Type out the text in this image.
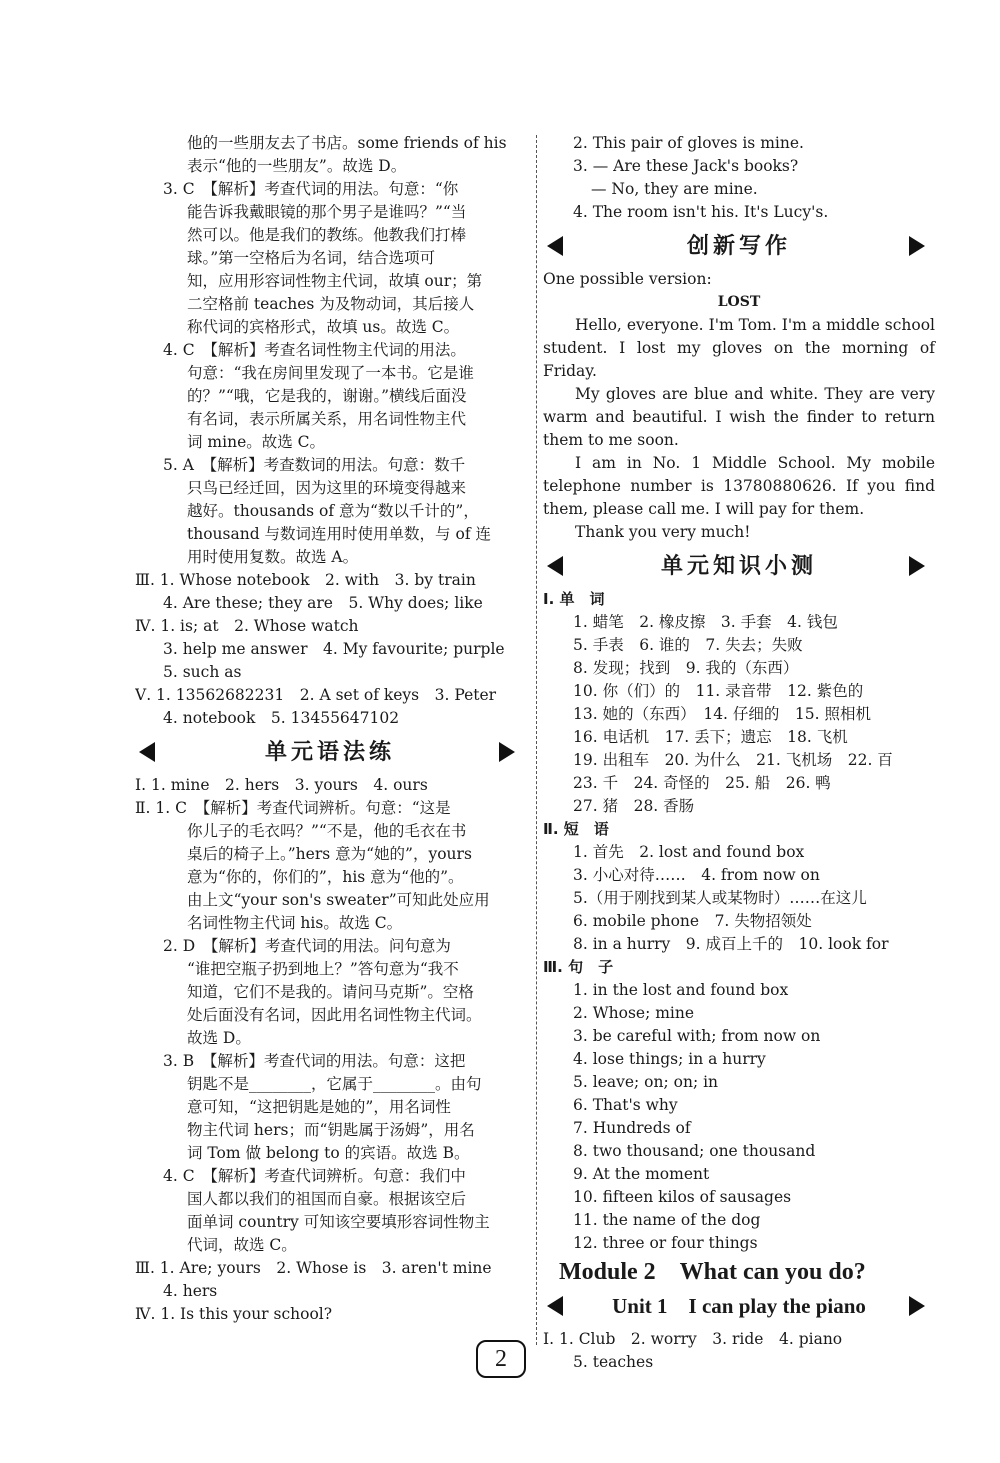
他的一些朋友去了书店。some friends of his
表示“他的一些朋友”。故选 D。
3. C　【解析】考查代词的用法。句意：“你
能告诉我戴眼镜的那个男子是谁吗？”“当
然可以。他是我们的教练。他教我们打棒
球。”第一空格后为名词，结合选项可
知，应用形容词性物主代词，故填 our；第
二空格前 teaches 为及物动词，其后接人
称代词的宾格形式，故填 us。故选 C。
4. C　【解析】考查名词性物主代词的用法。
句意：“我在房间里发现了一本书。它是谁
的？”“哦，它是我的，谢谢。”横线后面没
有名词，表示所属关系，用名词性物主代
词 mine。故选 C。
5. A　【解析】考查数词的用法。句意：数千
只鸟已经迁回，因为这里的环境变得越来
越好。thousands of 意为“数以千计的”，
thousand 与数词连用时使用单数，与 of 连
用时使用复数。故选 A。
Ⅲ. 1. Whose notebook　2. with　3. by train
4. Are these; they are　5. Why does; like
Ⅳ. 1. is; at　2. Whose watch
3. help me answer　4. My favourite; purple
5. such as
Ⅴ. 1. 13562682231　2. A set of keys　3. Peter
4. notebook　5. 13455647102
单元语法练
Ⅰ. 1. mine　2. hers　3. yours　4. ours
Ⅱ. 1. C　【解析】考查代词辨析。句意：“这是
你儿子的毛衣吗？”“不是，他的毛衣在书
桌后的椅子上。”hers 意为“她的”，yours
意为“你的，你们的”，his 意为“他的”。
由上文“your son's sweater”可知此处应用
名词性物主代词 his。故选 C。
2. D　【解析】考查代词的用法。问句意为
“谁把空瓶子扔到地上？”答句意为“我不
知道，它们不是我的。请问马克斯”。空格
处后面没有名词，因此用名词性物主代词。
故选 D。
3. B　【解析】考查代词的用法。句意：这把
钥匙不是________，它属于________。由句
意可知，“这把钥匙是她的”，用名词性
物主代词 hers；而“钥匙属于汤姆”，用名
词 Tom 做 belong to 的宾语。故选 B。
4. C　【解析】考查代词辨析。句意：我们中
国人都以我们的祖国而自豪。根据该空后
面单词 country 可知该空要填形容词性物主
代词，故选 C。
Ⅲ. 1. Are; yours　2. Whose is　3. aren't mine
4. hers
Ⅳ. 1. Is this your school?
2. This pair of gloves is mine.
3. — Are these Jack's books?
— No, they are mine.
4. The room isn't his. It's Lucy's.
创新写作
One possible version:
LOST
Hello, everyone. I'm Tom. I'm a middle school student. I lost my gloves on the morning of Friday.
My gloves are blue and white. They are very warm and beautiful. I wish the finder to return them to me soon.
I am in No. 1 Middle School. My mobile telephone number is 13780880626. If you find them, please call me. I will pay for them.
Thank you very much!
单元知识小测
Ⅰ. 单　词
1. 蜡笔　2. 橡皮擦　3. 手套　4. 钱包
5. 手表　6. 谁的　7. 失去；失败
8. 发现；找到　9. 我的（东西）
10. 你（们）的　11. 录音带　12. 紫色的
13. 她的（东西）　14. 仔细的　15. 照相机
16. 电话机　17. 丢下；遗忘　18. 飞机
19. 出租车　20. 为什么　21. 飞机场　22. 百
23. 千　24. 奇怪的　25. 船　26. 鸭
27. 猪　28. 香肠
Ⅱ. 短　语
1. 首先　2. lost and found box
3. 小心对待……　4. from now on
5.（用于刚找到某人或某物时）……在这儿
6. mobile phone　7. 失物招领处
8. in a hurry　9. 成百上千的　10. look for
Ⅲ. 句　子
1. in the lost and found box
2. Whose; mine
3. be careful with; from now on
4. lose things; in a hurry
5. leave; on; on; in
6. That's why
7. Hundreds of
8. two thousand; one thousand
9. At the moment
10. fifteen kilos of sausages
11. the name of the dog
12. three or four things
Module 2　What can you do?
Unit 1　I can play the piano
Ⅰ. 1. Club　2. worry　3. ride　4. piano
5. teaches
2
